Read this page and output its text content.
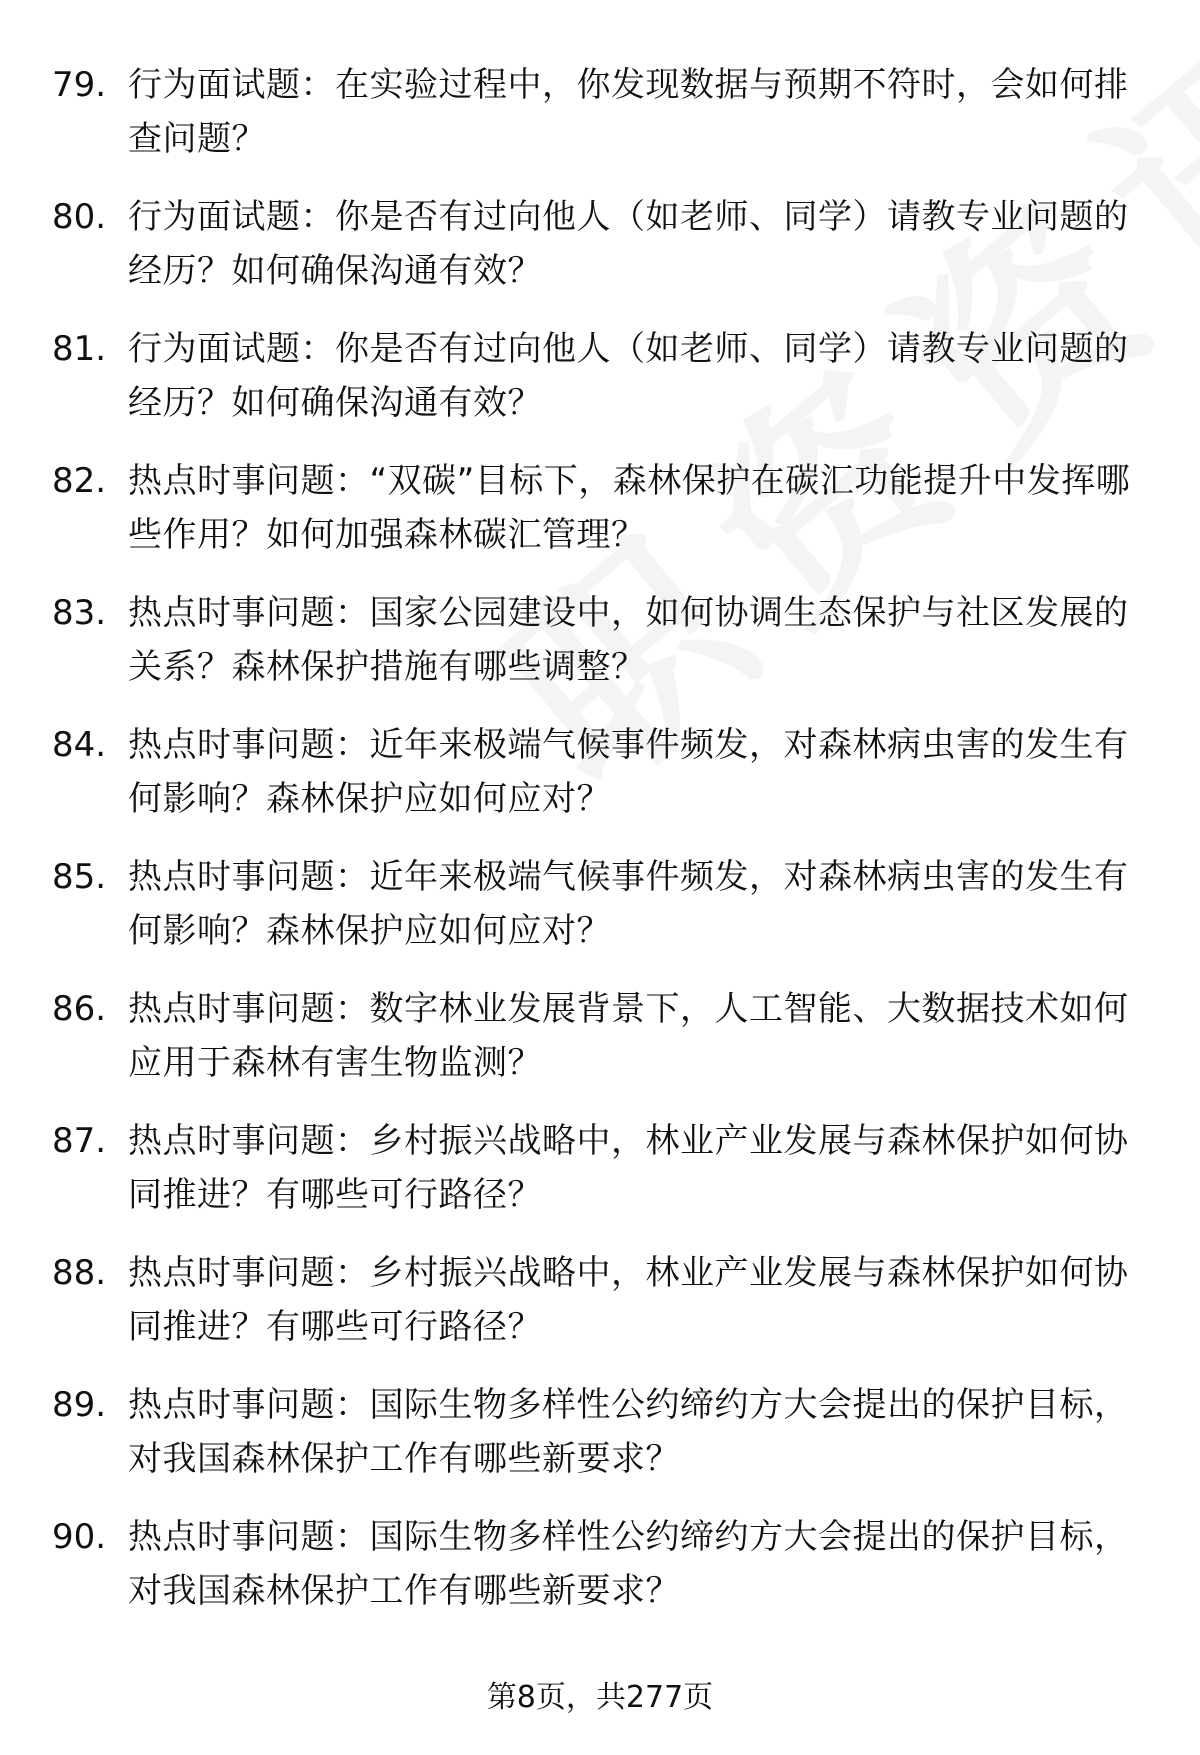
79. 行为面试题：在实验过程中，你发现数据与预期不符时，会如何排查问题？
80. 行为面试题：你是否有过向他人（如老师、同学）请教专业问题的经历？如何确保沟通有效？
81. 行为面试题：你是否有过向他人（如老师、同学）请教专业问题的经历？如何确保沟通有效？
82. 热点时事问题：“双碳”目标下，森林保护在碳汇功能提升中发挥哪些作用？如何加强森林碳汇管理？
83. 热点时事问题：国家公园建设中，如何协调生态保护与社区发展的关系？森林保护措施有哪些调整？
84. 热点时事问题：近年来极端气候事件频发，对森林病虫害的发生有何影响？森林保护应如何应对？
85. 热点时事问题：近年来极端气候事件频发，对森林病虫害的发生有何影响？森林保护应如何应对？
86. 热点时事问题：数字林业发展背景下，人工智能、大数据技术如何应用于森林有害生物监测？
87. 热点时事问题：乡村振兴战略中，林业产业发展与森林保护如何协同推进？有哪些可行路径？
88. 热点时事问题：乡村振兴战略中，林业产业发展与森林保护如何协同推进？有哪些可行路径？
89. 热点时事问题：国际生物多样性公约缔约方大会提出的保护目标，对我国森林保护工作有哪些新要求？
90. 热点时事问题：国际生物多样性公约缔约方大会提出的保护目标，对我国森林保护工作有哪些新要求？
第8页，共277页
